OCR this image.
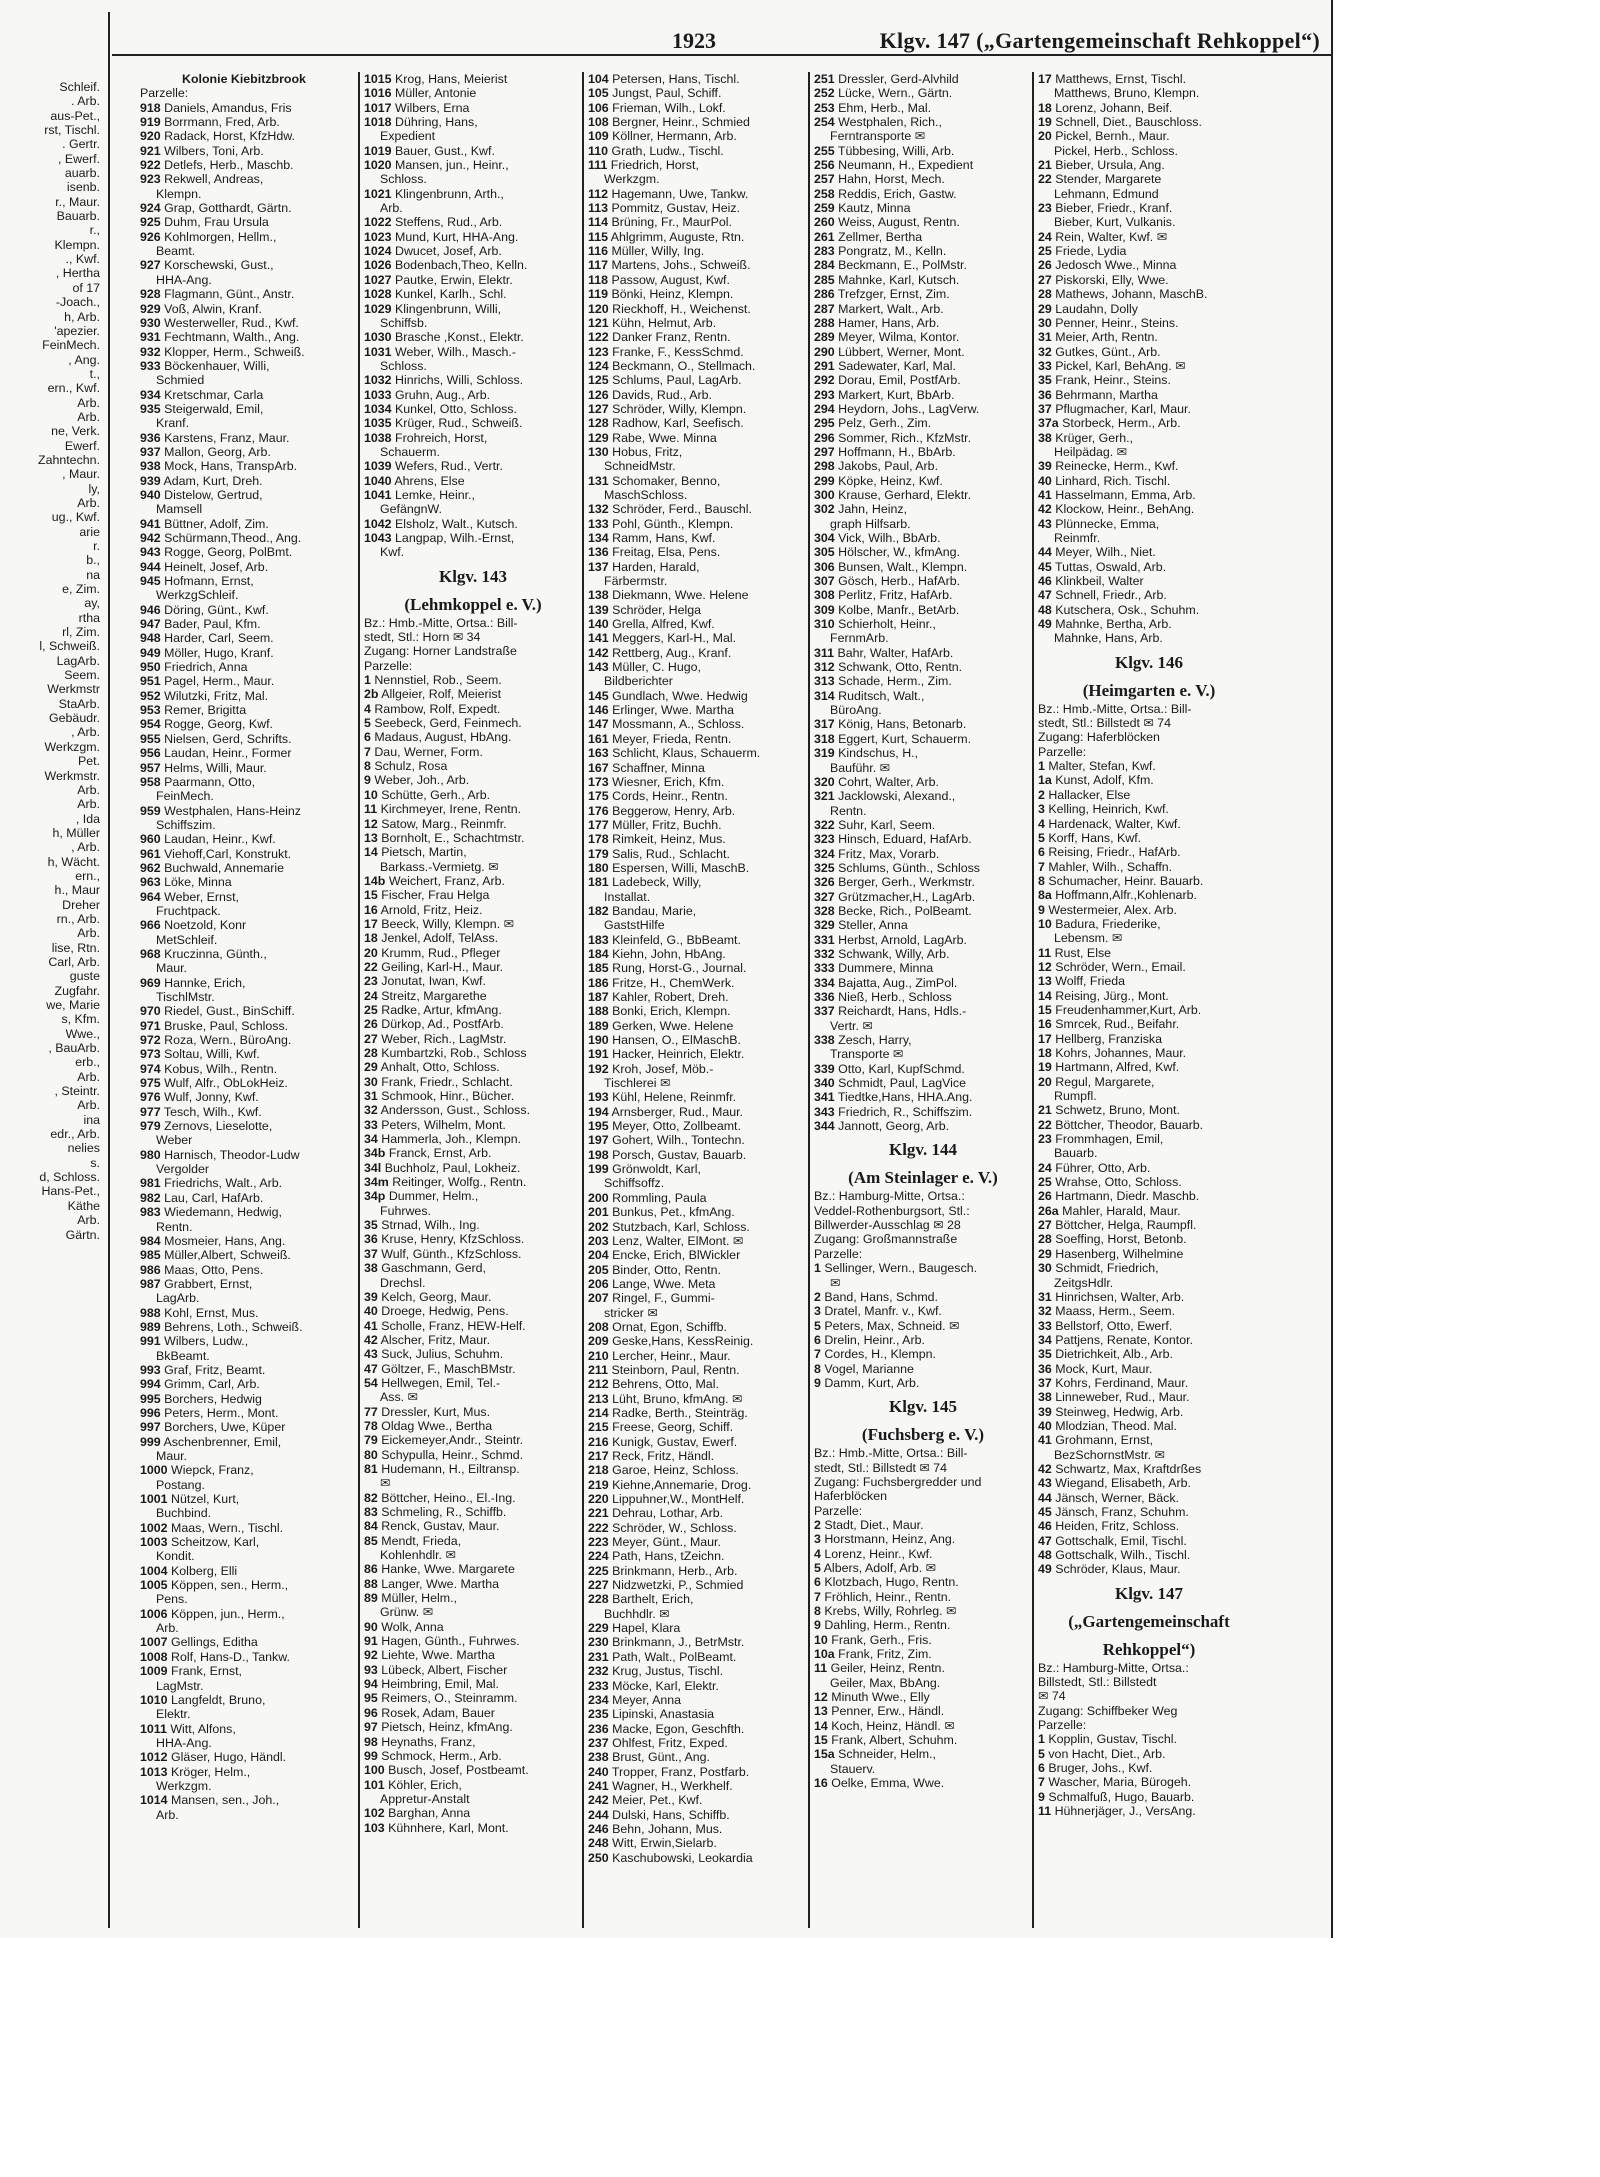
Schleif.
. Arb.
aus-Pet.,
rst, Tischl.
. Gertr.
, Ewerf.
auarb.
isenb.
r., Maur.
Bauarb.
r.,
Klempn.
., Kwf.
, Hertha
of 17
-Joach.,
h, Arb.
'apezier.
FeinMech.
, Ang.
t.,
ern., Kwf.
Arb.
Arb.
ne, Verk.
Ewerf.
Zahntechn.
, Maur.
ly,
Arb.
ug., Kwf.
arie
r.
b.,
na
e, Zim.
ay,
rtha
rl, Zim.
l, Schweiß.
LagArb.
Seem.
Werkmstr
StaArb.
Gebäudr.
, Arb.
Werkzgm.
Pet.
Werkmstr.
Arb.
Arb.
, Ida
h, Müller
, Arb.
h, Wächt.
ern.,
h., Maur
Dreher
rn., Arb.
Arb.
lise, Rtn.
Carl, Arb.
guste
Zugfahr.
we, Marie
s, Kfm.
Wwe.,
, BauArb.
erb.,
Arb.
, Steintr.
Arb.
ina
edr., Arb.
nelies
s.
d, Schloss.
Hans-Pet.,
Käthe
Arb.
Gärtn.
1923	Klgv. 147 („Gartengemeinschaft Rehkoppel“)
Kolonie Kiebitzbrook
Parzelle:
918 Daniels, Amandus, Fris
919 Borrmann, Fred, Arb.
920 Radack, Horst, KfzHdw.
921 Wilbers, Toni, Arb.
922 Detlefs, Herb., Maschb.
923 Rekwell, Andreas,
Klempn.
924 Grap, Gotthardt, Gärtn.
925 Duhm, Frau Ursula
926 Kohlmorgen, Hellm.,
Beamt.
927 Korschewski, Gust.,
HHA-Ang.
928 Flagmann, Günt., Anstr.
929 Voß, Alwin, Kranf.
930 Westerweller, Rud., Kwf.
931 Fechtmann, Walth., Ang.
932 Klopper, Herm., Schweiß.
933 Böckenhauer, Willi,
Schmied
934 Kretschmar, Carla
935 Steigerwald, Emil,
Kranf.
936 Karstens, Franz, Maur.
937 Mallon, Georg, Arb.
938 Mock, Hans, TranspArb.
939 Adam, Kurt, Dreh.
940 Distelow, Gertrud,
Mamsell
941 Büttner, Adolf, Zim.
942 Schürmann,Theod., Ang.
943 Rogge, Georg, PolBmt.
944 Heinelt, Josef, Arb.
945 Hofmann, Ernst,
WerkzgSchleif.
946 Döring, Günt., Kwf.
947 Bader, Paul, Kfm.
948 Harder, Carl, Seem.
949 Möller, Hugo, Kranf.
950 Friedrich, Anna
951 Pagel, Herm., Maur.
952 Wilutzki, Fritz, Mal.
953 Remer, Brigitta
954 Rogge, Georg, Kwf.
955 Nielsen, Gerd, Schrifts.
956 Laudan, Heinr., Former
957 Helms, Willi, Maur.
958 Paarmann, Otto,
FeinMech.
959 Westphalen, Hans-Heinz
Schiffszim.
960 Laudan, Heinr., Kwf.
961 Viehoff,Carl, Konstrukt.
962 Buchwald, Annemarie
963 Löke, Minna
964 Weber, Ernst,
Fruchtpack.
966 Noetzold, Konr
MetSchleif.
968 Kruczinna, Günth.,
Maur.
969 Hannke, Erich,
TischlMstr.
970 Riedel, Gust., BinSchiff.
971 Bruske, Paul, Schloss.
972 Roza, Wern., BüroAng.
973 Soltau, Willi, Kwf.
974 Kobus, Wilh., Rentn.
975 Wulf, Alfr., ObLokHeiz.
976 Wulf, Jonny, Kwf.
977 Tesch, Wilh., Kwf.
979 Zernovs, Lieselotte,
Weber
980 Harnisch, Theodor-Ludw
Vergolder
981 Friedrichs, Walt., Arb.
982 Lau, Carl, HafArb.
983 Wiedemann, Hedwig,
Rentn.
984 Mosmeier, Hans, Ang.
985 Müller,Albert, Schweiß.
986 Maas, Otto, Pens.
987 Grabbert, Ernst,
LagArb.
988 Kohl, Ernst, Mus.
989 Behrens, Loth., Schweiß.
991 Wilbers, Ludw.,
BkBeamt.
993 Graf, Fritz, Beamt.
994 Grimm, Carl, Arb.
995 Borchers, Hedwig
996 Peters, Herm., Mont.
997 Borchers, Uwe, Küper
999 Aschenbrenner, Emil,
Maur.
1000 Wiepck, Franz,
Postang.
1001 Nützel, Kurt,
Buchbind.
1002 Maas, Wern., Tischl.
1003 Scheitzow, Karl,
Kondit.
1004 Kolberg, Elli
1005 Köppen, sen., Herm.,
Pens.
1006 Köppen, jun., Herm.,
Arb.
1007 Gellings, Editha
1008 Rolf, Hans-D., Tankw.
1009 Frank, Ernst,
LagMstr.
1010 Langfeldt, Bruno,
Elektr.
1011 Witt, Alfons,
HHA-Ang.
1012 Gläser, Hugo, Händl.
1013 Kröger, Helm.,
Werkzgm.
1014 Mansen, sen., Joh.,
Arb.
1015 Krog, Hans, Meierist
1016 Müller, Antonie
1017 Wilbers, Erna
1018 Dühring, Hans,
Expedient
1019 Bauer, Gust., Kwf.
1020 Mansen, jun., Heinr.,
Schloss.
1021 Klingenbrunn, Arth.,
Arb.
1022 Steffens, Rud., Arb.
1023 Mund, Kurt, HHA-Ang.
1024 Dwucet, Josef, Arb.
1026 Bodenbach,Theo, Kelln.
1027 Pautke, Erwin, Elektr.
1028 Kunkel, Karlh., Schl.
1029 Klingenbrunn, Willi,
Schiffsb.
1030 Brasche ,Konst., Elektr.
1031 Weber, Wilh., Masch.-
Schloss.
1032 Hinrichs, Willi, Schloss.
1033 Gruhn, Aug., Arb.
1034 Kunkel, Otto, Schloss.
1035 Krüger, Rud., Schweiß.
1038 Frohreich, Horst,
Schauerm.
1039 Wefers, Rud., Vertr.
1040 Ahrens, Else
1041 Lemke, Heinr.,
GefängnW.
1042 Elsholz, Walt., Kutsch.
1043 Langpap, Wilh.-Ernst,
Kwf.
Klgv. 143
(Lehmkoppel e. V.)
Bz.: Hmb.-Mitte, Ortsa.: Bill-
stedt, Stl.: Horn ✉ 34
Zugang: Horner Landstraße
Parzelle:
1 Nennstiel, Rob., Seem.
2b Allgeier, Rolf, Meierist
4 Rambow, Rolf, Expedt.
5 Seebeck, Gerd, Feinmech.
6 Madaus, August, HbAng.
7 Dau, Werner, Form.
8 Schulz, Rosa
9 Weber, Joh., Arb.
10 Schütte, Gerh., Arb.
11 Kirchmeyer, Irene, Rentn.
12 Satow, Marg., Reinmfr.
13 Bornholt, E., Schachtmstr.
14 Pietsch, Martin,
Barkass.-Vermietg. ✉
14b Weichert, Franz, Arb.
15 Fischer, Frau Helga
16 Arnold, Fritz, Heiz.
17 Beeck, Willy, Klempn. ✉
18 Jenkel, Adolf, TelAss.
20 Krumm, Rud., Pfleger
22 Geiling, Karl-H., Maur.
23 Jonutat, Iwan, Kwf.
24 Streitz, Margarethe
25 Radke, Artur, kfmAng.
26 Dürkop, Ad., PostfArb.
27 Weber, Rich., LagMstr.
28 Kumbartzki, Rob., Schloss
29 Anhalt, Otto, Schloss.
30 Frank, Friedr., Schlacht.
31 Schmook, Hinr., Bücher.
32 Andersson, Gust., Schloss.
33 Peters, Wilhelm, Mont.
34 Hammerla, Joh., Klempn.
34b Franck, Ernst, Arb.
34l Buchholz, Paul, Lokheiz.
34m Reitinger, Wolfg., Rentn.
34p Dummer, Helm.,
Fuhrwes.
35 Strnad, Wilh., Ing.
36 Kruse, Henry, KfzSchloss.
37 Wulf, Günth., KfzSchloss.
38 Gaschmann, Gerd,
Drechsl.
39 Kelch, Georg, Maur.
40 Droege, Hedwig, Pens.
41 Scholle, Franz, HEW-Helf.
42 Alscher, Fritz, Maur.
43 Suck, Julius, Schuhm.
47 Göltzer, F., MaschBMstr.
54 Hellwegen, Emil, Tel.-
Ass. ✉
77 Dressler, Kurt, Mus.
78 Oldag Wwe., Bertha
79 Eickemeyer,Andr., Steintr.
80 Schypulla, Heinr., Schmd.
81 Hudemann, H., Eiltransp.
✉
82 Böttcher, Heino., El.-Ing.
83 Schmeling, R., Schiffb.
84 Renck, Gustav, Maur.
85 Mendt, Frieda,
Kohlenhdlr. ✉
86 Hanke, Wwe. Margarete
88 Langer, Wwe. Martha
89 Müller, Helm.,
Grünw. ✉
90 Wolk, Anna
91 Hagen, Günth., Fuhrwes.
92 Liehte, Wwe. Martha
93 Lübeck, Albert, Fischer
94 Heimbring, Emil, Mal.
95 Reimers, O., Steinramm.
96 Rosek, Adam, Bauer
97 Pietsch, Heinz, kfmAng.
98 Heynaths, Franz,
99 Schmock, Herm., Arb.
100 Busch, Josef, Postbeamt.
101 Köhler, Erich,
Appretur-Anstalt
102 Barghan, Anna
103 Kühnhere, Karl, Mont.
104 Petersen, Hans, Tischl.
105 Jungst, Paul, Schiff.
106 Frieman, Wilh., Lokf.
108 Bergner, Heinr., Schmied
109 Köllner, Hermann, Arb.
110 Grath, Ludw., Tischl.
111 Friedrich, Horst,
Werkzgm.
112 Hagemann, Uwe, Tankw.
113 Pommitz, Gustav, Heiz.
114 Brüning, Fr., MaurPol.
115 Ahlgrimm, Auguste, Rtn.
116 Müller, Willy, Ing.
117 Martens, Johs., Schweiß.
118 Passow, August, Kwf.
119 Bönki, Heinz, Klempn.
120 Rieckhoff, H., Weichenst.
121 Kühn, Helmut, Arb.
122 Danker Franz, Rentn.
123 Franke, F., KessSchmd.
124 Beckmann, O., Stellmach.
125 Schlums, Paul, LagArb.
126 Davids, Rud., Arb.
127 Schröder, Willy, Klempn.
128 Radhow, Karl, Seefisch.
129 Rabe, Wwe. Minna
130 Hobus, Fritz,
SchneidMstr.
131 Schomaker, Benno,
MaschSchloss.
132 Schröder, Ferd., Bauschl.
133 Pohl, Günth., Klempn.
134 Ramm, Hans, Kwf.
136 Freitag, Elsa, Pens.
137 Harden, Harald,
Färbermstr.
138 Diekmann, Wwe. Helene
139 Schröder, Helga
140 Grella, Alfred, Kwf.
141 Meggers, Karl-H., Mal.
142 Rettberg, Aug., Kranf.
143 Müller, C. Hugo,
Bildberichter
145 Gundlach, Wwe. Hedwig
146 Erlinger, Wwe. Martha
147 Mossmann, A., Schloss.
161 Meyer, Frieda, Rentn.
163 Schlicht, Klaus, Schauerm.
167 Schaffner, Minna
173 Wiesner, Erich, Kfm.
175 Cords, Heinr., Rentn.
176 Beggerow, Henry, Arb.
177 Müller, Fritz, Buchh.
178 Rimkeit, Heinz, Mus.
179 Salis, Rud., Schlacht.
180 Espersen, Willi, MaschB.
181 Ladebeck, Willy,
Installat.
182 Bandau, Marie,
GaststHilfe
183 Kleinfeld, G., BbBeamt.
184 Kiehn, John, HbAng.
185 Rung, Horst-G., Journal.
186 Fritze, H., ChemWerk.
187 Kahler, Robert, Dreh.
188 Bonki, Erich, Klempn.
189 Gerken, Wwe. Helene
190 Hansen, O., ElMaschB.
191 Hacker, Heinrich, Elektr.
192 Kroh, Josef, Möb.-
Tischlerei ✉
193 Kühl, Helene, Reinmfr.
194 Arnsberger, Rud., Maur.
195 Meyer, Otto, Zollbeamt.
197 Gohert, Wilh., Tontechn.
198 Porsch, Gustav, Bauarb.
199 Grönwoldt, Karl,
Schiffsoffz.
200 Rommling, Paula
201 Bunkus, Pet., kfmAng.
202 Stutzbach, Karl, Schloss.
203 Lenz, Walter, ElMont. ✉
204 Encke, Erich, BlWickler
205 Binder, Otto, Rentn.
206 Lange, Wwe. Meta
207 Ringel, F., Gummi-
stricker ✉
208 Ornat, Egon, Schiffb.
209 Geske,Hans, KessReinig.
210 Lercher, Heinr., Maur.
211 Steinborn, Paul, Rentn.
212 Behrens, Otto, Mal.
213 Lüht, Bruno, kfmAng. ✉
214 Radke, Berth., Steinträg.
215 Freese, Georg, Schiff.
216 Kunigk, Gustav, Ewerf.
217 Reck, Fritz, Händl.
218 Garoe, Heinz, Schloss.
219 Kiehne,Annemarie, Drog.
220 Lippuhner,W., MontHelf.
221 Dehrau, Lothar, Arb.
222 Schröder, W., Schloss.
223 Meyer, Günt., Maur.
224 Path, Hans, tZeichn.
225 Brinkmann, Herb., Arb.
227 Nidzwetzki, P., Schmied
228 Barthelt, Erich,
Buchhdlr. ✉
229 Hapel, Klara
230 Brinkmann, J., BetrMstr.
231 Path, Walt., PolBeamt.
232 Krug, Justus, Tischl.
233 Möcke, Karl, Elektr.
234 Meyer, Anna
235 Lipinski, Anastasia
236 Macke, Egon, Geschfth.
237 Ohlfest, Fritz, Exped.
238 Brust, Günt., Ang.
240 Tropper, Franz, Postfarb.
241 Wagner, H., Werkhelf.
242 Meier, Pet., Kwf.
244 Dulski, Hans, Schiffb.
246 Behn, Johann, Mus.
248 Witt, Erwin,Sielarb.
250 Kaschubowski, Leokardia
251 Dressler, Gerd-Alvhild
252 Lücke, Wern., Gärtn.
253 Ehm, Herb., Mal.
254 Westphalen, Rich.,
Ferntransporte ✉
255 Tübbesing, Willi, Arb.
256 Neumann, H., Expedient
257 Hahn, Horst, Mech.
258 Reddis, Erich, Gastw.
259 Kautz, Minna
260 Weiss, August, Rentn.
261 Zellmer, Bertha
283 Pongratz, M., Kelln.
284 Beckmann, E., PolMstr.
285 Mahnke, Karl, Kutsch.
286 Trefzger, Ernst, Zim.
287 Markert, Walt., Arb.
288 Hamer, Hans, Arb.
289 Meyer, Wilma, Kontor.
290 Lübbert, Werner, Mont.
291 Sadewater, Karl, Mal.
292 Dorau, Emil, PostfArb.
293 Markert, Kurt, BbArb.
294 Heydorn, Johs., LagVerw.
295 Pelz, Gerh., Zim.
296 Sommer, Rich., KfzMstr.
297 Hoffmann, H., BbArb.
298 Jakobs, Paul, Arb.
299 Köpke, Heinz, Kwf.
300 Krause, Gerhard, Elektr.
302 Jahn, Heinz,
graph Hilfsarb.
304 Vick, Wilh., BbArb.
305 Hölscher, W., kfmAng.
306 Bunsen, Walt., Klempn.
307 Gösch, Herb., HafArb.
308 Perlitz, Fritz, HafArb.
309 Kolbe, Manfr., BetArb.
310 Schierholt, Heinr.,
FernmArb.
311 Bahr, Walter, HafArb.
312 Schwank, Otto, Rentn.
313 Schade, Herm., Zim.
314 Ruditsch, Walt.,
BüroAng.
317 König, Hans, Betonarb.
318 Eggert, Kurt, Schauerm.
319 Kindschus, H.,
Bauführ. ✉
320 Cohrt, Walter, Arb.
321 Jacklowski, Alexand.,
Rentn.
322 Suhr, Karl, Seem.
323 Hinsch, Eduard, HafArb.
324 Fritz, Max, Vorarb.
325 Schlums, Günth., Schloss
326 Berger, Gerh., Werkmstr.
327 Grützmacher,H., LagArb.
328 Becke, Rich., PolBeamt.
329 Steller, Anna
331 Herbst, Arnold, LagArb.
332 Schwank, Willy, Arb.
333 Dummere, Minna
334 Bajatta, Aug., ZimPol.
336 Nieß, Herb., Schloss
337 Reichardt, Hans, Hdls.-
Vertr. ✉
338 Zesch, Harry,
Transporte ✉
339 Otto, Karl, KupfSchmd.
340 Schmidt, Paul, LagVice
341 Tiedtke,Hans, HHA.Ang.
343 Friedrich, R., Schiffszim.
344 Jannott, Georg, Arb.
Klgv. 144
(Am Steinlager e. V.)
Bz.: Hamburg-Mitte, Ortsa.:
Veddel-Rothenburgsort, Stl.:
Billwerder-Ausschlag ✉ 28
Zugang: Großmannstraße
Parzelle:
1 Sellinger, Wern., Baugesch.
✉
2 Band, Hans, Schmd.
3 Dratel, Manfr. v., Kwf.
5 Peters, Max, Schneid. ✉
6 Drelin, Heinr., Arb.
7 Cordes, H., Klempn.
8 Vogel, Marianne
9 Damm, Kurt, Arb.
Klgv. 145
(Fuchsberg e. V.)
Bz.: Hmb.-Mitte, Ortsa.: Bill-
stedt, Stl.: Billstedt ✉ 74
Zugang: Fuchsbergredder und
Haferblöcken
Parzelle:
2 Stadt, Diet., Maur.
3 Horstmann, Heinz, Ang.
4 Lorenz, Heinr., Kwf.
5 Albers, Adolf, Arb. ✉
6 Klotzbach, Hugo, Rentn.
7 Fröhlich, Heinr., Rentn.
8 Krebs, Willy, Rohrleg. ✉
9 Dahling, Herm., Rentn.
10 Frank, Gerh., Fris.
10a Frank, Fritz, Zim.
11 Geiler, Heinz, Rentn.
Geiler, Max, BbAng.
12 Minuth Wwe., Elly
13 Penner, Erw., Händl.
14 Koch, Heinz, Händl. ✉
15 Frank, Albert, Schuhm.
15a Schneider, Helm.,
Stauerv.
16 Oelke, Emma, Wwe.
17 Matthews, Ernst, Tischl.
Matthews, Bruno, Klempn.
18 Lorenz, Johann, Beif.
19 Schnell, Diet., Bauschloss.
20 Pickel, Bernh., Maur.
Pickel, Herb., Schloss.
21 Bieber, Ursula, Ang.
22 Stender, Margarete
Lehmann, Edmund
23 Bieber, Friedr., Kranf.
Bieber, Kurt, Vulkanis.
24 Rein, Walter, Kwf. ✉
25 Friede, Lydia
26 Jedosch Wwe., Minna
27 Piskorski, Elly, Wwe.
28 Mathews, Johann, MaschB.
29 Laudahn, Dolly
30 Penner, Heinr., Steins.
31 Meier, Arth, Rentn.
32 Gutkes, Günt., Arb.
33 Pickel, Karl, BehAng. ✉
35 Frank, Heinr., Steins.
36 Behrmann, Martha
37 Pflugmacher, Karl, Maur.
37a Storbeck, Herm., Arb.
38 Krüger, Gerh.,
Heilpädag. ✉
39 Reinecke, Herm., Kwf.
40 Linhard, Rich. Tischl.
41 Hasselmann, Emma, Arb.
42 Klockow, Heinr., BehAng.
43 Plünnecke, Emma,
Reinmfr.
44 Meyer, Wilh., Niet.
45 Tuttas, Oswald, Arb.
46 Klinkbeil, Walter
47 Schnell, Friedr., Arb.
48 Kutschera, Osk., Schuhm.
49 Mahnke, Bertha, Arb.
Mahnke, Hans, Arb.
Klgv. 146
(Heimgarten e. V.)
Bz.: Hmb.-Mitte, Ortsa.: Bill-
stedt, Stl.: Billstedt ✉ 74
Zugang: Haferblöcken
Parzelle:
1 Malter, Stefan, Kwf.
1a Kunst, Adolf, Kfm.
2 Hallacker, Else
3 Kelling, Heinrich, Kwf.
4 Hardenack, Walter, Kwf.
5 Korff, Hans, Kwf.
6 Reising, Friedr., HafArb.
7 Mahler, Wilh., Schaffn.
8 Schumacher, Heinr. Bauarb.
8a Hoffmann,Alfr.,Kohlenarb.
9 Westermeier, Alex. Arb.
10 Badura, Friederike,
Lebensm. ✉
11 Rust, Else
12 Schröder, Wern., Email.
13 Wolff, Frieda
14 Reising, Jürg., Mont.
15 Freudenhammer,Kurt, Arb.
16 Smrcek, Rud., Beifahr.
17 Hellberg, Franziska
18 Kohrs, Johannes, Maur.
19 Hartmann, Alfred, Kwf.
20 Regul, Margarete,
Rumpfl.
21 Schwetz, Bruno, Mont.
22 Böttcher, Theodor, Bauarb.
23 Frommhagen, Emil,
Bauarb.
24 Führer, Otto, Arb.
25 Wrahse, Otto, Schloss.
26 Hartmann, Diedr. Maschb.
26a Mahler, Harald, Maur.
27 Böttcher, Helga, Raumpfl.
28 Soeffing, Horst, Betonb.
29 Hasenberg, Wilhelmine
30 Schmidt, Friedrich,
ZeitgsHdlr.
31 Hinrichsen, Walter, Arb.
32 Maass, Herm., Seem.
33 Bellstorf, Otto, Ewerf.
34 Pattjens, Renate, Kontor.
35 Dietrichkeit, Alb., Arb.
36 Mock, Kurt, Maur.
37 Kohrs, Ferdinand, Maur.
38 Linneweber, Rud., Maur.
39 Steinweg, Hedwig, Arb.
40 Mlodzian, Theod. Mal.
41 Grohmann, Ernst,
BezSchornstMstr. ✉
42 Schwartz, Max, Kraftdrßes
43 Wiegand, Elisabeth, Arb.
44 Jänsch, Werner, Bäck.
45 Jänsch, Franz, Schuhm.
46 Heiden, Fritz, Schloss.
47 Gottschalk, Emil, Tischl.
48 Gottschalk, Wilh., Tischl.
49 Schröder, Klaus, Maur.
Klgv. 147
(„Gartengemeinschaft
Rehkoppel“)
Bz.: Hamburg-Mitte, Ortsa.:
Billstedt, Stl.: Billstedt
✉ 74
Zugang: Schiffbeker Weg
Parzelle:
1 Kopplin, Gustav, Tischl.
5 von Hacht, Diet., Arb.
6 Bruger, Johs., Kwf.
7 Wascher, Maria, Bürogeh.
9 Schmalfuß, Hugo, Bauarb.
11 Hühnerjäger, J., VersAng.
